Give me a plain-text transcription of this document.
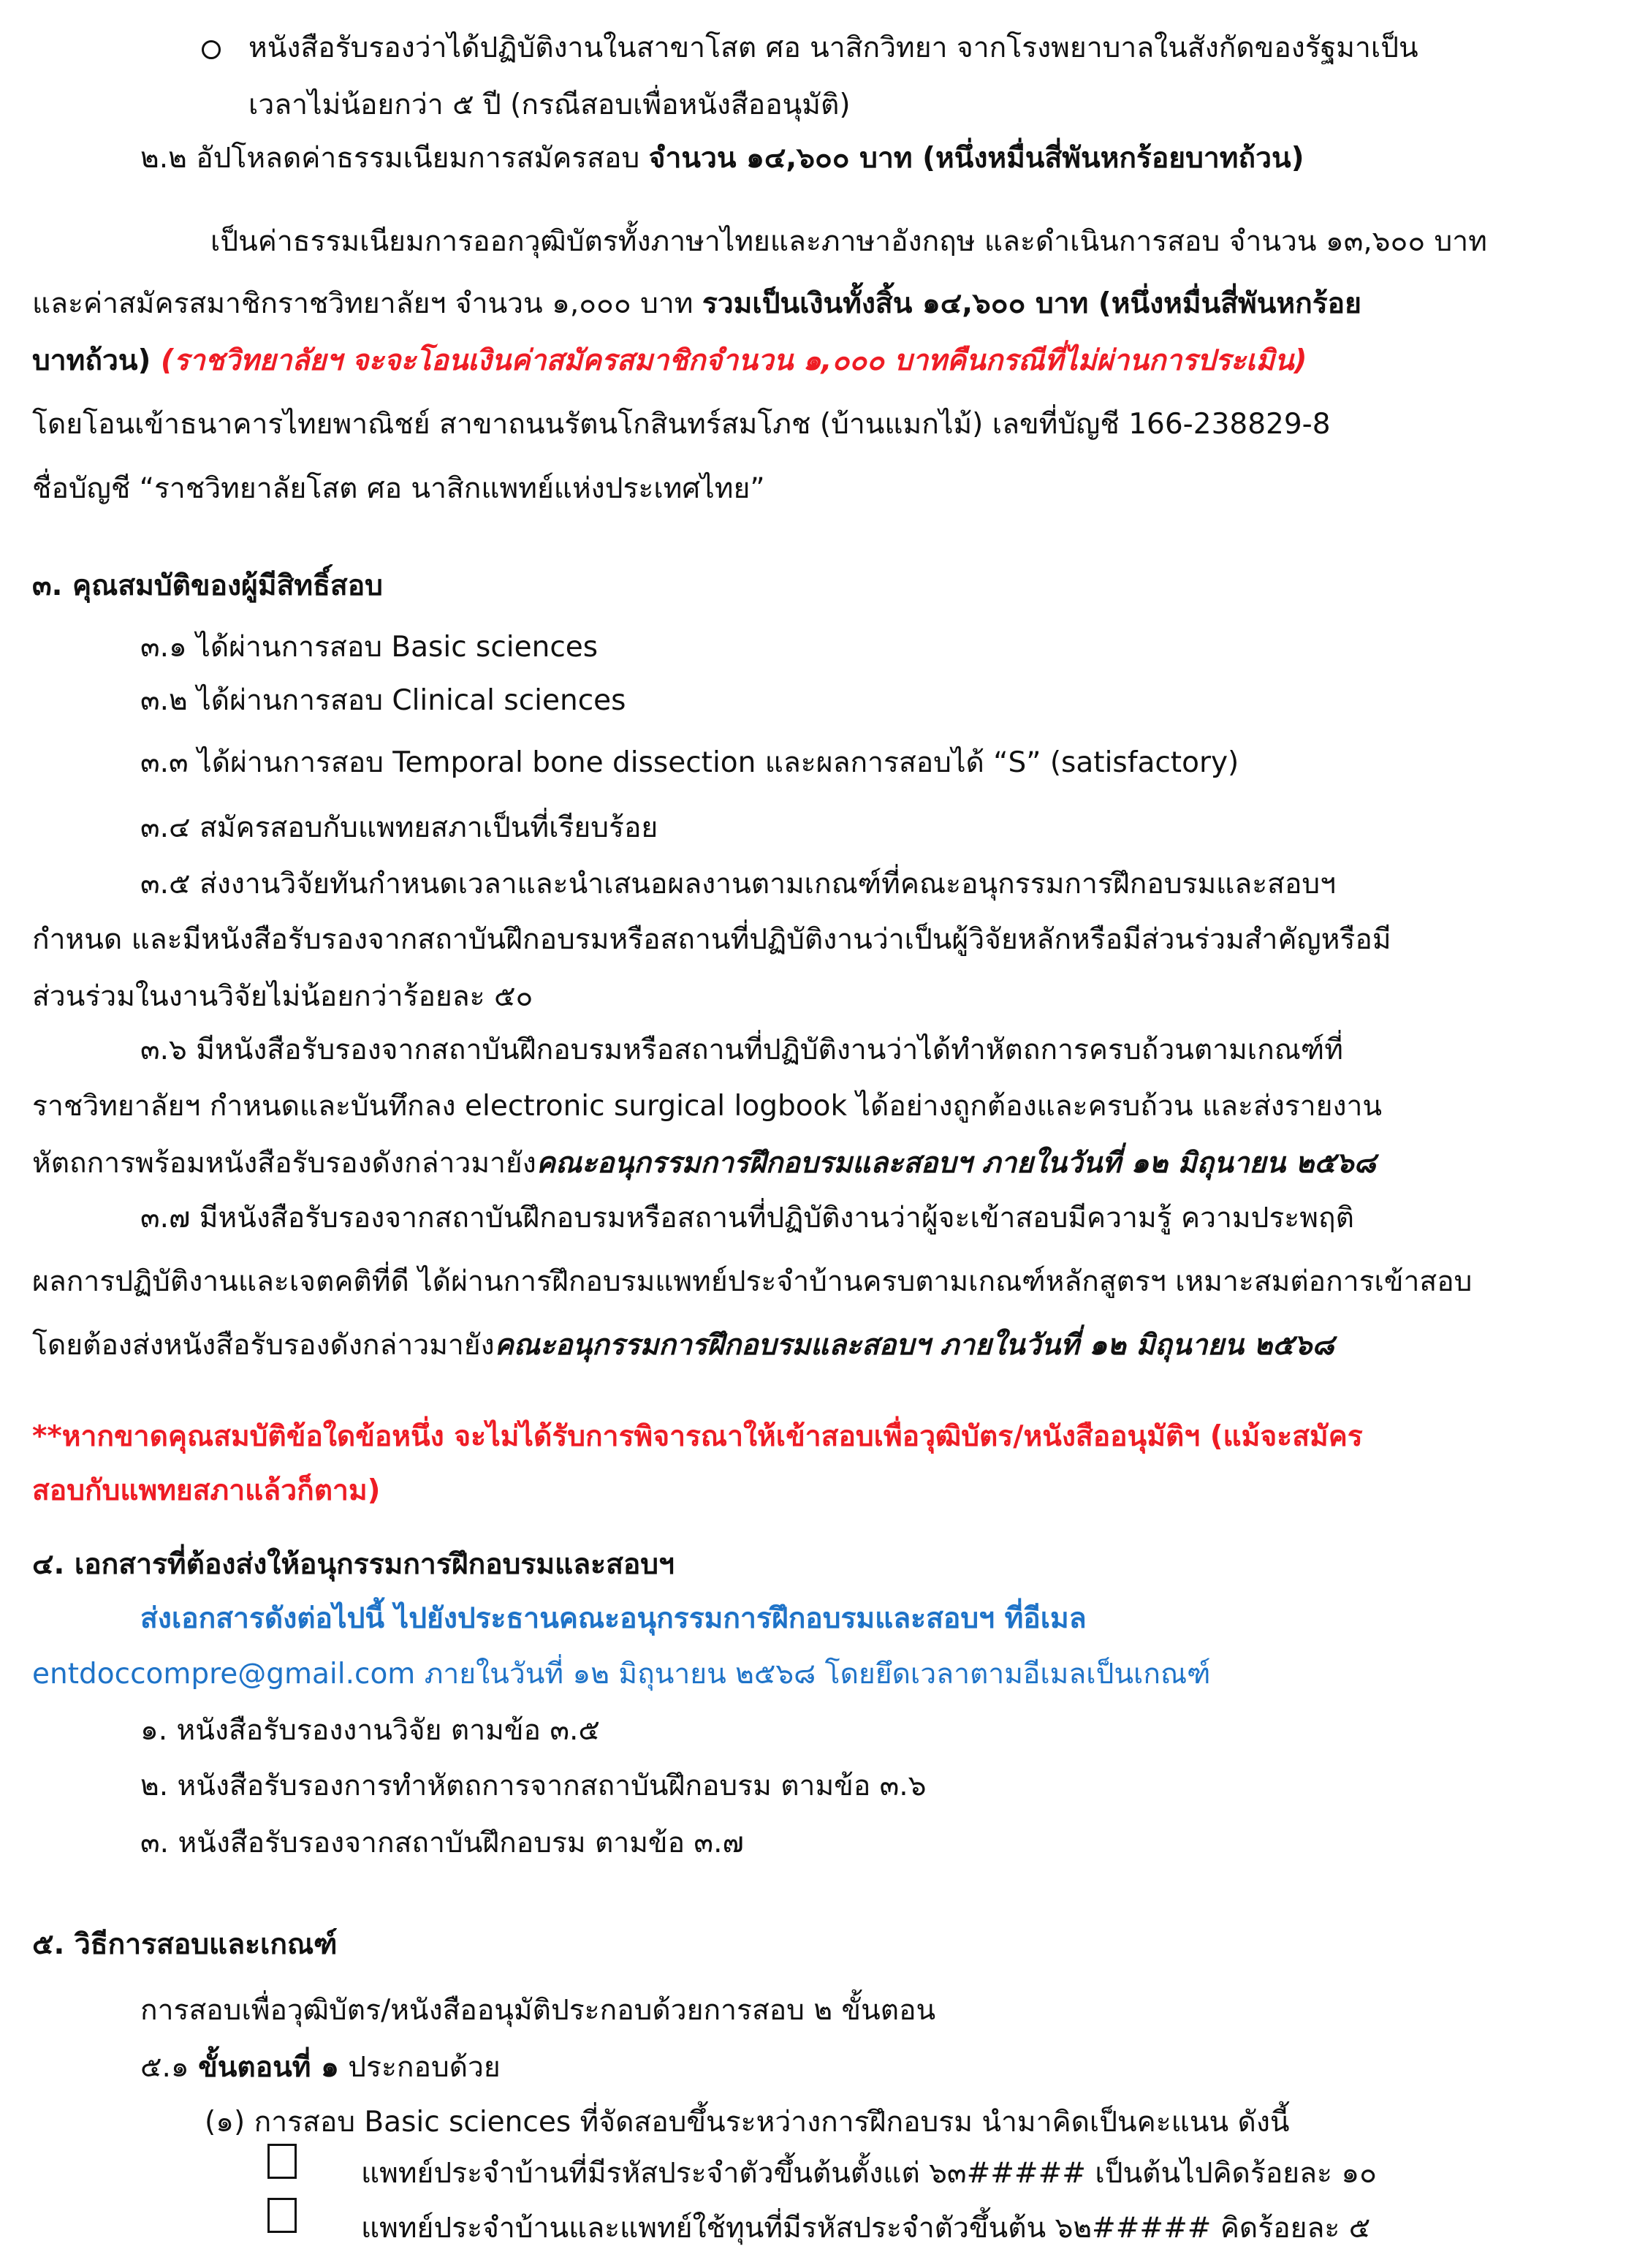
หนังสือรับรองว่าได้ปฏิบัติงานในสาขาโสต ศอ นาสิกวิทยา จากโรงพยาบาลในสังกัดของรัฐมาเป็น
เวลาไม่น้อยกว่า ๕ ปี (กรณีสอบเพื่อหนังสืออนุมัติ)
๒.๒ อัปโหลดค่าธรรมเนียมการสมัครสอบ จำนวน ๑๔,๖๐๐ บาท (หนึ่งหมื่นสี่พันหกร้อยบาทถ้วน)
เป็นค่าธรรมเนียมการออกวุฒิบัตรทั้งภาษาไทยและภาษาอังกฤษ และดำเนินการสอบ จำนวน ๑๓,๖๐๐ บาท
และค่าสมัครสมาชิกราชวิทยาลัยฯ จำนวน ๑,๐๐๐ บาท รวมเป็นเงินทั้งสิ้น ๑๔,๖๐๐ บาท (หนึ่งหมื่นสี่พันหกร้อย
บาทถ้วน) (ราชวิทยาลัยฯ จะจะโอนเงินค่าสมัครสมาชิกจำนวน ๑,๐๐๐ บาทคืนกรณีที่ไม่ผ่านการประเมิน)
โดยโอนเข้าธนาคารไทยพาณิชย์ สาขาถนนรัตนโกสินทร์สมโภช (บ้านแมกไม้) เลขที่บัญชี 166-238829-8
ชื่อบัญชี “ราชวิทยาลัยโสต ศอ นาสิกแพทย์แห่งประเทศไทย”
๓. คุณสมบัติของผู้มีสิทธิ์สอบ
๓.๑ ได้ผ่านการสอบ Basic sciences
๓.๒ ได้ผ่านการสอบ Clinical sciences
๓.๓ ได้ผ่านการสอบ Temporal bone dissection และผลการสอบได้ “S” (satisfactory)
๓.๔ สมัครสอบกับแพทยสภาเป็นที่เรียบร้อย
๓.๕ ส่งงานวิจัยทันกำหนดเวลาและนำเสนอผลงานตามเกณฑ์ที่คณะอนุกรรมการฝึกอบรมและสอบฯ
กำหนด และมีหนังสือรับรองจากสถาบันฝึกอบรมหรือสถานที่ปฏิบัติงานว่าเป็นผู้วิจัยหลักหรือมีส่วนร่วมสำคัญหรือมี
ส่วนร่วมในงานวิจัยไม่น้อยกว่าร้อยละ ๕๐
๓.๖ มีหนังสือรับรองจากสถาบันฝึกอบรมหรือสถานที่ปฏิบัติงานว่าได้ทำหัตถการครบถ้วนตามเกณฑ์ที่
ราชวิทยาลัยฯ กำหนดและบันทึกลง electronic surgical logbook ได้อย่างถูกต้องและครบถ้วน และส่งรายงาน
หัตถการพร้อมหนังสือรับรองดังกล่าวมายังคณะอนุกรรมการฝึกอบรมและสอบฯ ภายในวันที่ ๑๒ มิถุนายน ๒๕๖๘
๓.๗ มีหนังสือรับรองจากสถาบันฝึกอบรมหรือสถานที่ปฏิบัติงานว่าผู้จะเข้าสอบมีความรู้ ความประพฤติ
ผลการปฏิบัติงานและเจตคติที่ดี ได้ผ่านการฝึกอบรมแพทย์ประจำบ้านครบตามเกณฑ์หลักสูตรฯ เหมาะสมต่อการเข้าสอบ
โดยต้องส่งหนังสือรับรองดังกล่าวมายังคณะอนุกรรมการฝึกอบรมและสอบฯ ภายในวันที่ ๑๒ มิถุนายน ๒๕๖๘
**หากขาดคุณสมบัติข้อใดข้อหนึ่ง จะไม่ได้รับการพิจารณาให้เข้าสอบเพื่อวุฒิบัตร/หนังสืออนุมัติฯ (แม้จะสมัคร
สอบกับแพทยสภาแล้วก็ตาม)
๔. เอกสารที่ต้องส่งให้อนุกรรมการฝึกอบรมและสอบฯ
ส่งเอกสารดังต่อไปนี้ ไปยังประธานคณะอนุกรรมการฝึกอบรมและสอบฯ ที่อีเมล
entdoccompre@gmail.com ภายในวันที่ ๑๒ มิถุนายน ๒๕๖๘ โดยยึดเวลาตามอีเมลเป็นเกณฑ์
๑. หนังสือรับรองงานวิจัย ตามข้อ ๓.๕
๒. หนังสือรับรองการทำหัตถการจากสถาบันฝึกอบรม ตามข้อ ๓.๖
๓. หนังสือรับรองจากสถาบันฝึกอบรม ตามข้อ ๓.๗
๕. วิธีการสอบและเกณฑ์
การสอบเพื่อวุฒิบัตร/หนังสืออนุมัติประกอบด้วยการสอบ ๒ ขั้นตอน
๕.๑ ขั้นตอนที่ ๑ ประกอบด้วย
(๑) การสอบ Basic sciences ที่จัดสอบขึ้นระหว่างการฝึกอบรม นำมาคิดเป็นคะแนน ดังนี้
แพทย์ประจำบ้านที่มีรหัสประจำตัวขึ้นต้นตั้งแต่ ๖๓##### เป็นต้นไปคิดร้อยละ ๑๐
แพทย์ประจำบ้านและแพทย์ใช้ทุนที่มีรหัสประจำตัวขึ้นต้น ๖๒##### คิดร้อยละ ๕
